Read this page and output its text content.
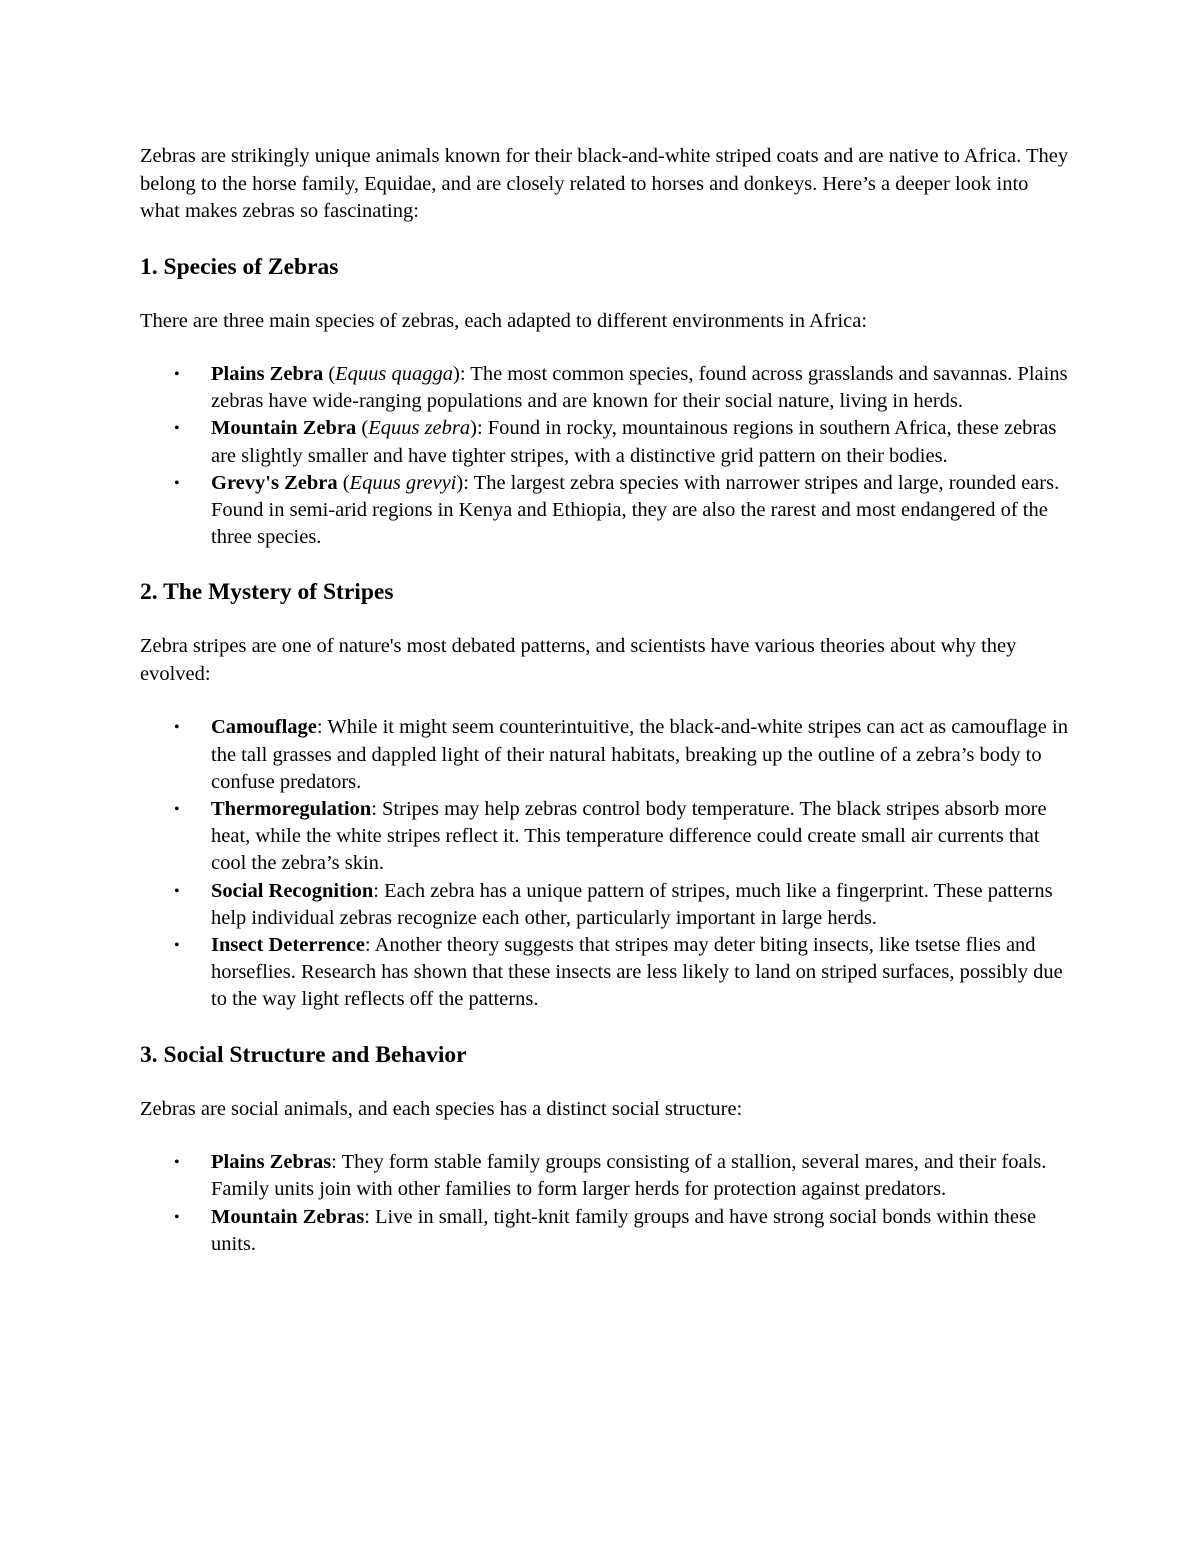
Zebras are strikingly unique animals known for their black-and-white striped coats and are native to Africa. They belong to the horse family, Equidae, and are closely related to horses and donkeys. Here’s a deeper look into what makes zebras so fascinating:

1. Species of Zebras

There are three main species of zebras, each adapted to different environments in Africa:

• Plains Zebra (Equus quagga): The most common species, found across grasslands and savannas. Plains zebras have wide-ranging populations and are known for their social nature, living in herds.
• Mountain Zebra (Equus zebra): Found in rocky, mountainous regions in southern Africa, these zebras are slightly smaller and have tighter stripes, with a distinctive grid pattern on their bodies.
• Grevy's Zebra (Equus grevyi): The largest zebra species with narrower stripes and large, rounded ears. Found in semi-arid regions in Kenya and Ethiopia, they are also the rarest and most endangered of the three species.
2. The Mystery of Stripes

Zebra stripes are one of nature's most debated patterns, and scientists have various theories about why they evolved:

• Camouflage: While it might seem counterintuitive, the black-and-white stripes can act as camouflage in the tall grasses and dappled light of their natural habitats, breaking up the outline of a zebra’s body to confuse predators.
• Thermoregulation: Stripes may help zebras control body temperature. The black stripes absorb more heat, while the white stripes reflect it. This temperature difference could create small air currents that cool the zebra’s skin.
• Social Recognition: Each zebra has a unique pattern of stripes, much like a fingerprint. These patterns help individual zebras recognize each other, particularly important in large herds.
• Insect Deterrence: Another theory suggests that stripes may deter biting insects, like tsetse flies and horseflies. Research has shown that these insects are less likely to land on striped surfaces, possibly due to the way light reflects off the patterns.
3. Social Structure and Behavior

Zebras are social animals, and each species has a distinct social structure:

• Plains Zebras: They form stable family groups consisting of a stallion, several mares, and their foals. Family units join with other families to form larger herds for protection against predators.
• Mountain Zebras: Live in small, tight-knit family groups and have strong social bonds within these units.
